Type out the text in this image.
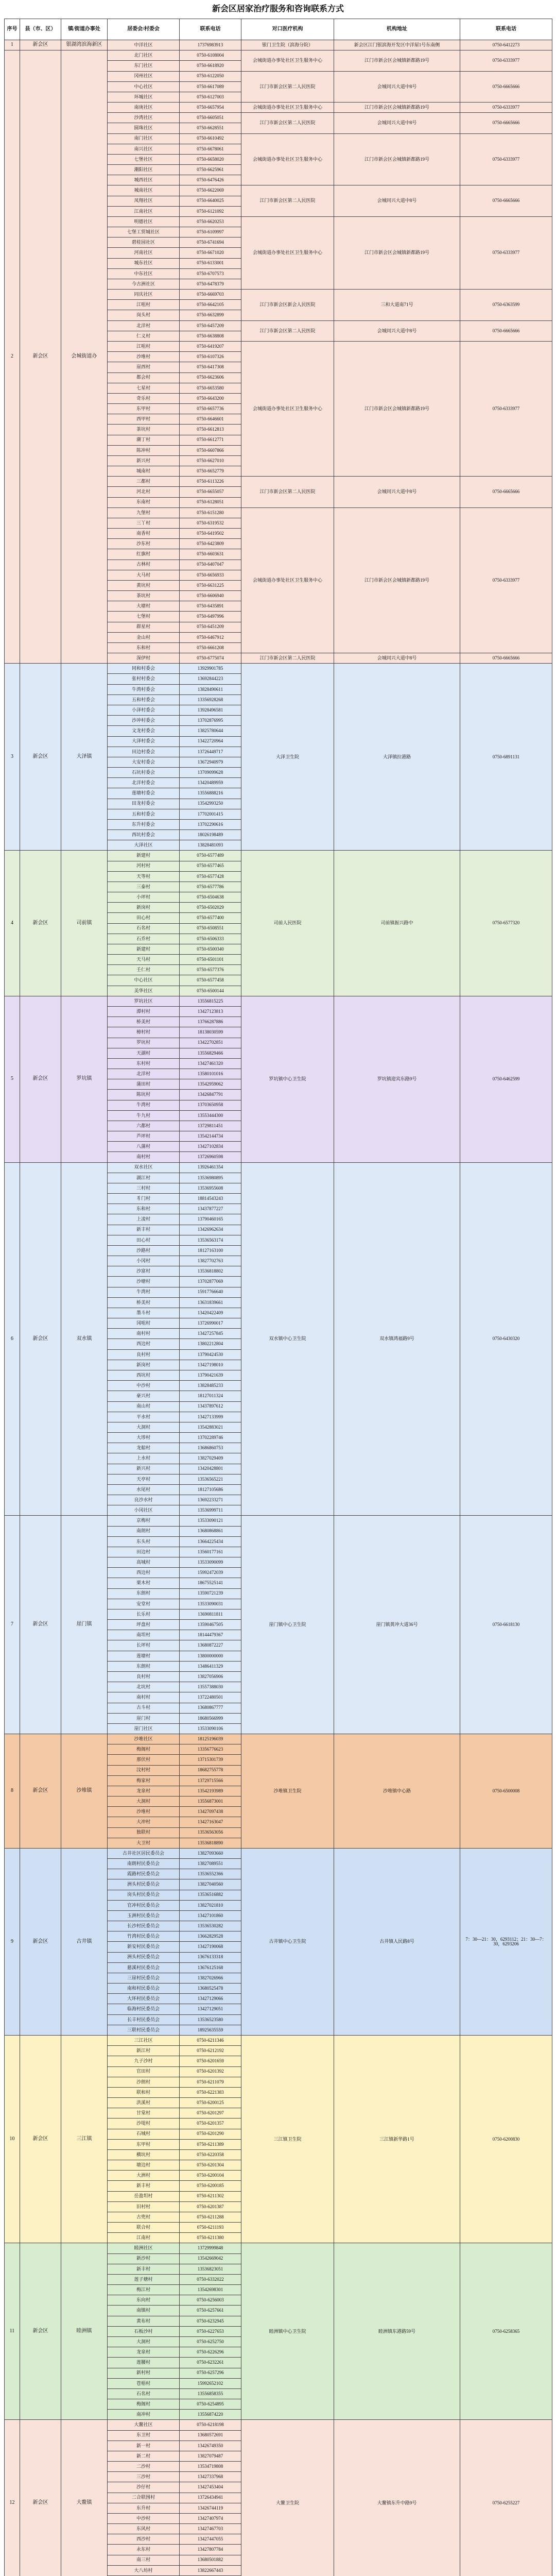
新会区居家治疗服务和咨询联系方式
序号	县（市、区）	镇/街道办事处	居委会/村委会	联系电话	对口医疗机构	机构地址	联系电话
1	新会区	银湖湾滨海新区	中洋社区	17376983913	银门卫生院（滨海分院）	新会区江门银滨海开发区中洋屋1号东南侧	0750-6412273
2	新会区	会城街道办	北门社区	0750-6108004	会城街道办事处社区卫生服务中心	江门市新会区会城镇新都路19号	0750-6333977
			东门社区	0750-6618920			
			冈州社区	0750-6122050	江门市新会区第二人民医院	会城同兴大道中8号	0750-6665666
			中心社区	0750-6617089			
			环城社区	0750-6127003			
			南庚社区	0750-6657954	会城街道办事处社区卫生服务中心	江门市新会区会城镇新都路19号	0750-6333977
			沙湾社区	0750-6605051	江门市新会区第二人民医院	会城同兴大道中8号	0750-6665666
			圆珠社区	0750-6628551			
			南门社区	0750-6610492	会城街道办事处社区卫生服务中心	江门市新会区会城镇新都路19号	0750-6333977
			南兴社区	0750-6678061			
			七堡社区	0750-6658020			
			潮阳社区	0750-6625961			
			城西社区	0750-6476426			
			城南社区	0750-6622069	江门市新会区第二人民医院	会城同兴大道中8号	0750-6665666
			凤翔社区	0750-6640025			
			江南社区	0750-6121092			
			明德社区	0750-6620253	会城街道办事处社区卫生服务中心	江门市新会区会城镇新都路19号	0750-6333977
			七堡工贸城社区	0750-6109997			
			碧桂园社区	0750-6741694			
			河南社区	0750-6671020			
			城东社区	0750-6133001			
			中东社区	0750-6707573			
			今古洲社区	0750-6478379			
			同庆社区	0750-6669703	江门市新会区新会人民医院	三和大道南71号	0750-6363599
			江咀村	0750-6642105			
			岗头村	0750-6632899			
			北洋村	0750-6457209	江门市新会区第二人民医院	会城同兴大道中8号	0750-6665666
			仁义村	0750-6638808			
			江咀村	0750-6419207	会城街道办事处社区卫生服务中心	江门市新会区会城镇新都路19号	0750-6333977
			沙堆村	0750-6107326			
			崖西村	0750-6417308			
			都会村	0750-6623606			
			七星村	0750-6653580			
			奇乐村	0750-6643200			
			东甲村	0750-6657736			
			西甲村	0750-6646601			
			茶坑村	0750-6612813			
			潮丁村	0750-6612771			
			陈冲村	0750-6607866			
			新兴村	0750-6627010			
			城南村	0750-6652779			
			三都村	0750-6113226	江门市新会区第二人民医院	会城同兴大道中8号	0750-6665666
			河北村	0750-6655057			
			东南村	0750-6128051			
			九堡村	0750-6151280	会城街道办事处社区卫生服务中心	江门市新会区会城镇新都路19号	0750-6333977
			三丫村	0750-6319532			
			南香村	0750-6419502			
			沙东村	0750-6423809			
			红旗村	0750-6603631			
			古林村	0750-6407047			
			大马村	0750-6656933			
			黄坑村	0750-6631225			
			茶坑村	0750-6606940			
			大塘村	0750-6435891			
			七堡村	0750-6497996			
			群星村	0750-6451209			
			金山村	0750-6467912			
			东和村	0750-6661208			
			深伊村	0750-6775074	江门市新会区第二人民医院	会城同兴大道中8号	0750-6665666
3	新会区	大泽镇	同和村委会	13929901785	大泽卫生院	大泽镇拉港路	0750-6891131
			张村村委会	13692844223			
			牛湾村委会	13828490611			
			五和村委会	13356928268			
			小泽村委会	13928496581			
			沙冲村委会	13702876995			
			文龙村委会	13825780644			
			大泽村委会	13422720964			
			田边村委会	13726449717			
			大安村委会	13672940979			
			石坑村委会	13709099628			
			北洋村委会	13420489959			
			莲塘村委会	13556888216			
			田龙村委会	13542993250			
			五和村委会	17702001415			
			东升村委会	13702290616			
			西坑村委会	18026198489			
			大泽社区	13828481093			
4	新会区	司前镇	新建村	0750-6577489	司前人民医院	司前镇振兴路中	0750-6577320
			河村村	0750-6577465			
			天等村	0750-6577428			
			三泰村	0750-6577786			
			小坪村	0750-6504638			
			新岗村	0750-6502029			
			田心村	0750-6577400			
			石名村	0750-6508551			
			石乔村	0750-6506333			
			新建村	0750-6500340			
			天马村	0750-6501101			
			壬仁村	0750-6577376			
			中心社区	0750-6577458			
			美华社区	0750-6500144			
5	新会区	罗坑镇	罗坑社区	13556815225	罗坑镇中心卫生院	罗坑镇迎宾东路9号	0750-6462599
			潭村村	13427123813			
			桥美村	13766287886			
			樟村村	18138030599			
			罗坑村	13422702851			
			天湖村	13556829466			
			东村村	13427461320			
			北洋村	13580101016			
			蒲田村	13542959062			
			陈坑村	13426847791			
			牛湾村	13703650958			
			牛九村	13553444300			
			六都村	13729811451			
			芦坪村	13542144734			
			八蒲村	13427102834			
			南村村	13726960598			
6	新会区	双水镇	双水社区	13926461354	双水镇中心卫生院	双水镇鸿福路9号	0750-6430320
			湖江村	13536980895			
			三村村	13536955608			
			豸门村	18814543243			
			东和村	13437877227			
			上凌村	13790460165			
			新丰村	13426962634			
			田心村	13536563174			
			沙路村	18127163100			
			小冈村	13827702763			
			沙富村	13536818802			
			沙塘村	13702877069			
			牛湾村	15917766640			
			桥美村	13631839661			
			墨斗村	13420422409			
			冈咀村	13726990017			
			南村村	13427257845			
			西边村	13802212804			
			良村村	13790424530			
			新岗村	13427198010			
			西坑村	13790421639			
			中沙村	13828485233			
			豪兴村	18127011324			
			南山村	13437897612			
			平水村	13427133999			
			大洞村	13542883021			
			大埗村	13702289746			
			龙船村	13686860753			
			上水村	13827029409			
			新兴村	13420428801			
			天亭村	13536565221			
			水尾村	18127105686			
			良沙水村	13692233271			
			小冈社区	13536999711			
7	新会区	崖门镇	京梅村	13533090121	崖门镇中心卫生院	崖门镇黄冲大道36号	0750-6618130
			南朗村	13680868861			
			东头村	13664225434			
			田边村	13560177161			
			高城村	13533090099			
			西边村	15992472039			
			栗木村	18675525141			
			东朗村	13590721239			
			安堂村	13533090031			
			长乐村	13690811811			
			坪盘村	13590467505			
			南坦村	18144479367			
			长坪村	13680872227			
			莲塘村	13800000000			
			东朗村	13486411329			
			良村村	13827056906			
			北坑村	13557388030			
			南村村	13722480501			
			古斗村	13680867777			
			崖门村	18680566999			
			崖门社区	13533090106			
8	新会区	沙堆镇	沙堆社区	18125196039	沙堆镇卫生院	沙堆镇中心路	0750-6500008
			梅阁村	13356776623			
			那伏村	13715301739			
			汶村村	18682755778			
			梅家村	13729715566			
			龙泉村	13542193989			
			大洞村	13556873001			
			沙堆村	13427097438			
			大冲村	13427163047			
			独联村	13536563056			
			大卫村	13536818890			
9	新会区	古井镇	古井社区居民委员会	13827093660	古井镇中心卫生院	古井镇人民路8号	7：30—21：30，6293112；21：30—7：30，6293206
			南朗村民委员会	13827089551			
			霞路村民委员会	13536552366			
			洲头村民委员会	13827040560			
			岗头村民委员会	13536516882			
			官冲村民委员会	13827021810			
			玉洲村民委员会	13427101860			
			长沙村民委员会	13536530282			
			竹湾村民委员会	13662829528			
			新安村民委员会	13427190068			
			洲头村民委员会	13676133318			
			慈溪村民委员会	13676125168			
			三崖村民委员会	13827026966			
			南和村民委员会	13680525478			
			大环村民委员会	13427129066			
			临海村民委员会	13427129051			
			长丰村民委员会	13536523580			
			三联村民委员会	18925635559			
10	新会区	三江镇	三江社区	0750-6211346	三江镇卫生院	三江镇新华路1号	0750-6200830
			新江村	0750-6212192			
			九子沙村	0750-6201659			
			官田村	0750-6201392			
			沙朗村	0750-6211079			
			联和村	0750-6221383			
			洪溪村	0750-6200125			
			甘棠村	0750-6201297			
			沙堤村	0750-6201357			
			石城村	0750-6201290			
			东甲村	0750-6211389			
			横坑村	0750-6220358			
			塘边村	0750-6201304			
			大洲村	0750-6200104			
			新丰村	0750-6200185			
			岳盈坦村	0750-6211302			
			旧村村	0750-6201387			
			古兜村	0750-6211288			
			联合村	0750-6211193			
			江南村	0750-6211380			
11	新会区	睦洲镇	睦洲社区	13729999848	睦洲镇中心卫生院	睦洲镇东港路59号	0750-6258365
			新沙村	13542669042			
			新丰村	13536823051			
			莲子塘村	0750-6332022			
			梅江村	13542698301			
			东向村	0750-6256003			
			南镇村	0750-6257661			
			黄布村	0750-6232945			
			石板沙村	0750-6227653			
			大洞村	0750-6252750			
			龙泉村	0750-6226296			
			莲腰村	0750-6232261			
			新村村	0750-6257296			
			苍梧村	15992652102			
			石名村	13556858355			
			梅阁村	0750-6254895			
			南冲村	13556874220			
12	新会区	大鳌镇	大鳌社区	0750-6218198	大鳌卫生院	大鳌镇东升中路9号	0750-6255227
			东卫村	13680572691			
			新一村	13426749350			
			新二村	13827079487			
			二沙村	13534719808			
			三沙村	13427337968			
			沙仔村	13427453404			
			二合联围村	13726434941			
			东升村	13426744119			
			中沙村	13427407974			
			东风村	13427467703			
			西沙村	13427447055			
			永东村	13427807784			
			南三村	13680501882			
			大八坊村	13822667443			
